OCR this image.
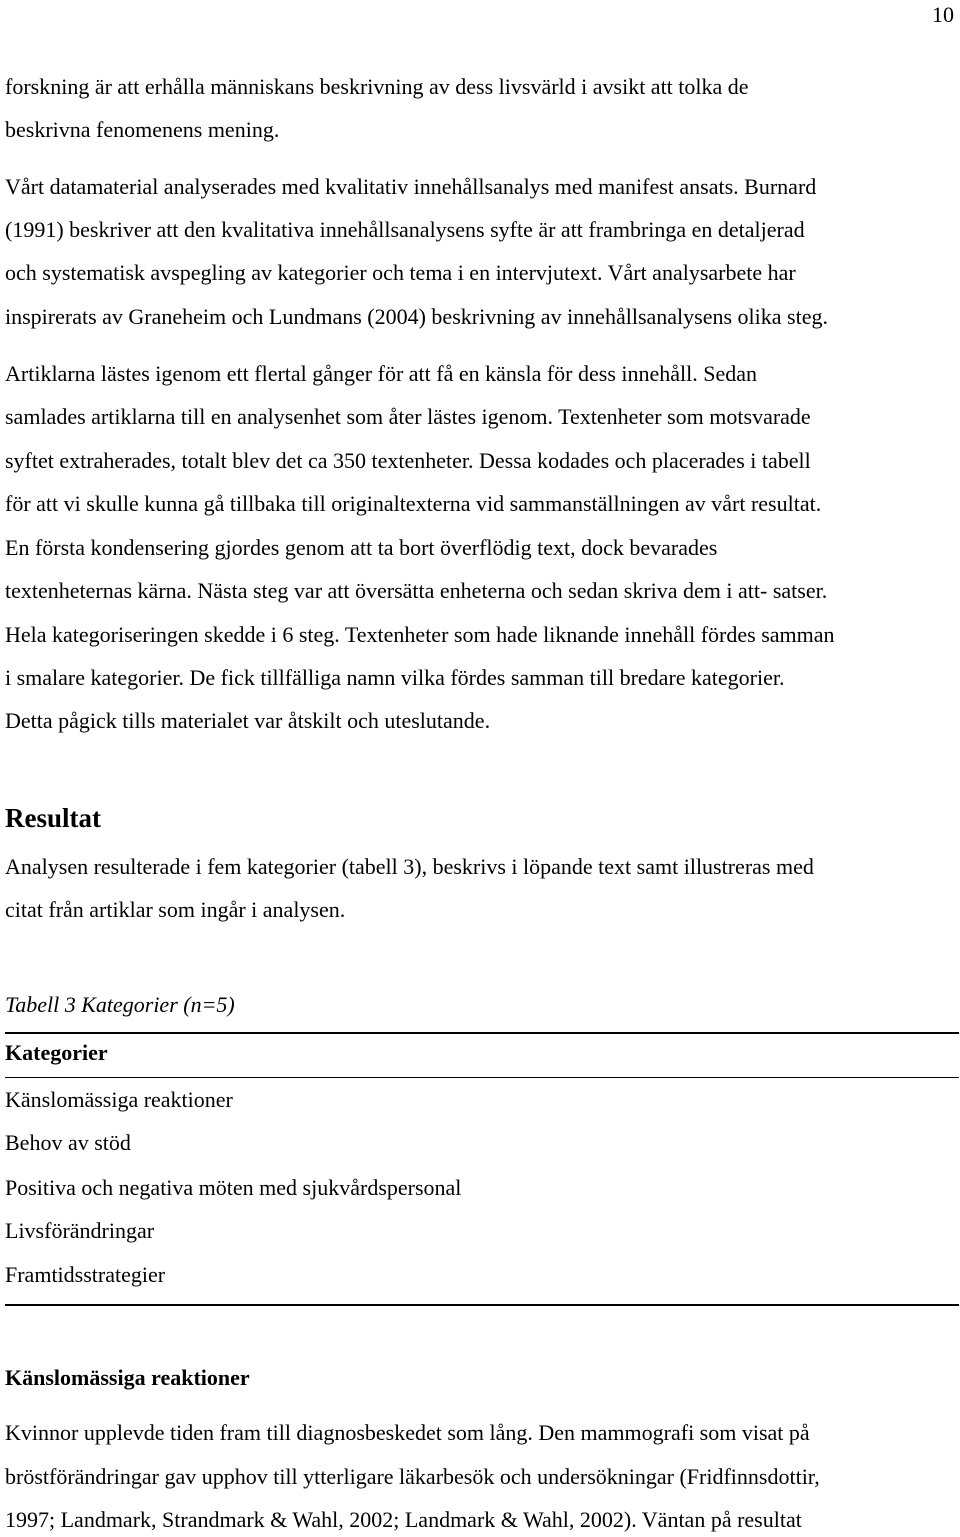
10
forskning är att erhålla människans beskrivning av dess livsvärld i avsikt att tolka de
beskrivna fenomenens mening.
Vårt datamaterial analyserades med kvalitativ innehållsanalys med manifest ansats. Burnard
(1991) beskriver att den kvalitativa innehållsanalysens syfte är att frambringa en detaljerad
och systematisk avspegling av kategorier och tema i en intervjutext. Vårt analysarbete har
inspirerats av Graneheim och Lundmans (2004) beskrivning av innehållsanalysens olika steg.
Artiklarna lästes igenom ett flertal gånger för att få en känsla för dess innehåll. Sedan
samlades artiklarna till en analysenhet som åter lästes igenom. Textenheter som motsvarade
syftet extraherades, totalt blev det ca 350 textenheter. Dessa kodades och placerades i tabell
för att vi skulle kunna gå tillbaka till originaltexterna vid sammanställningen av vårt resultat.
En första kondensering gjordes genom att ta bort överflödig text, dock bevarades
textenheternas kärna. Nästa steg var att översätta enheterna och sedan skriva dem i att- satser.
Hela kategoriseringen skedde i 6 steg. Textenheter som hade liknande innehåll fördes samman
i smalare kategorier. De fick tillfälliga namn vilka fördes samman till bredare kategorier.
Detta pågick tills materialet var åtskilt och uteslutande.
Resultat
Analysen resulterade i fem kategorier (tabell 3), beskrivs i löpande text samt illustreras med
citat från artiklar som ingår i analysen.
Tabell 3 Kategorier (n=5)
Kategorier
Känslomässiga reaktioner
Behov av stöd
Positiva och negativa möten med sjukvårdspersonal
Livsförändringar
Framtidsstrategier
Känslomässiga reaktioner
Kvinnor upplevde tiden fram till diagnosbeskedet som lång. Den mammografi som visat på
bröstförändringar gav upphov till ytterligare läkarbesök och undersökningar (Fridfinnsdottir,
1997; Landmark, Strandmark & Wahl, 2002; Landmark & Wahl, 2002). Väntan på resultat
